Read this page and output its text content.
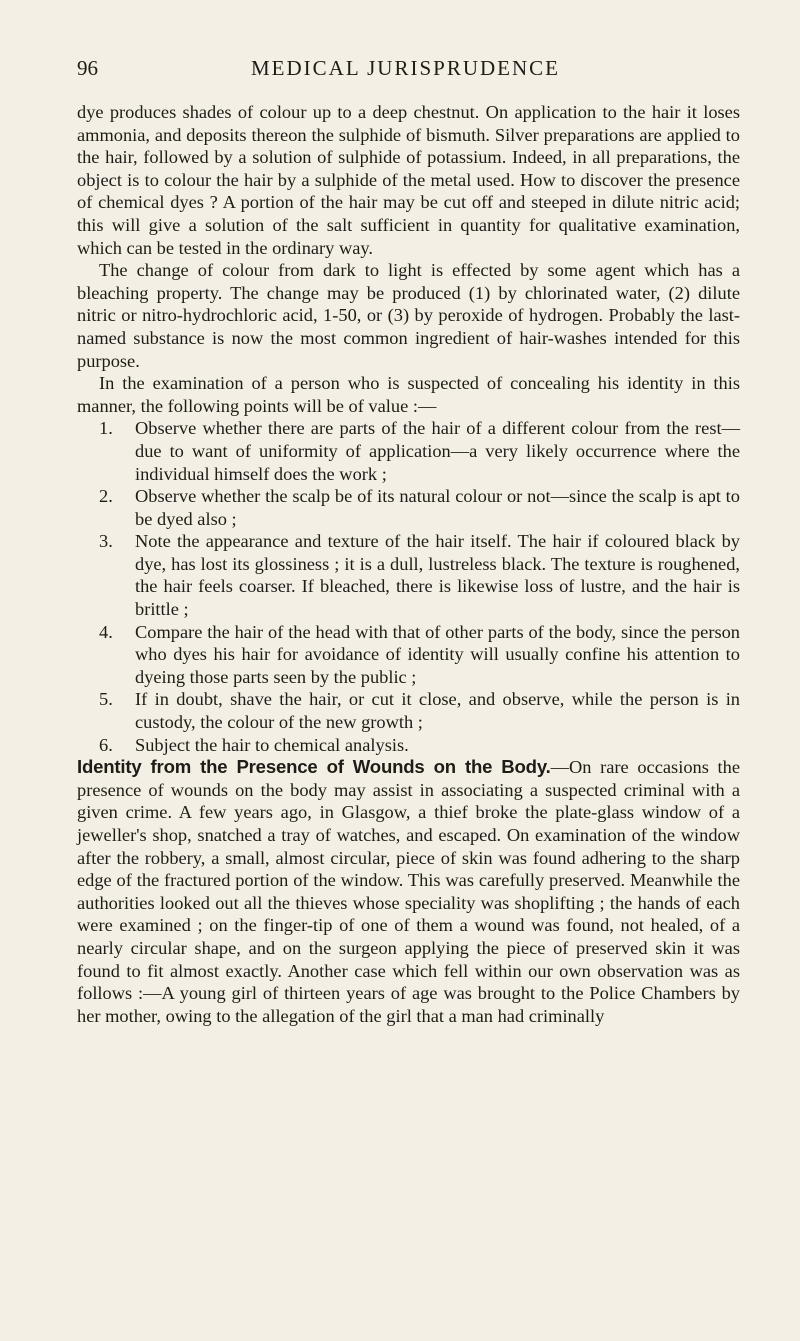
96	MEDICAL JURISPRUDENCE

dye produces shades of colour up to a deep chestnut. On application to the hair it loses ammonia, and deposits thereon the sulphide of bismuth. Silver preparations are applied to the hair, followed by a solution of sulphide of potassium. Indeed, in all preparations, the object is to colour the hair by a sulphide of the metal used. How to discover the presence of chemical dyes ? A portion of the hair may be cut off and steeped in dilute nitric acid; this will give a solution of the salt sufficient in quantity for qualitative examination, which can be tested in the ordinary way.

The change of colour from dark to light is effected by some agent which has a bleaching property. The change may be produced (1) by chlorinated water, (2) dilute nitric or nitro-hydrochloric acid, 1-50, or (3) by peroxide of hydrogen. Probably the last-named substance is now the most common ingredient of hair-washes intended for this purpose.

In the examination of a person who is suspected of concealing his identity in this manner, the following points will be of value :—

1. Observe whether there are parts of the hair of a different colour from the rest—due to want of uniformity of application—a very likely occurrence where the individual himself does the work ;
2. Observe whether the scalp be of its natural colour or not—since the scalp is apt to be dyed also ;
3. Note the appearance and texture of the hair itself. The hair if coloured black by dye, has lost its glossiness ; it is a dull, lustreless black. The texture is roughened, the hair feels coarser. If bleached, there is likewise loss of lustre, and the hair is brittle ;
4. Compare the hair of the head with that of other parts of the body, since the person who dyes his hair for avoidance of identity will usually confine his attention to dyeing those parts seen by the public ;
5. If in doubt, shave the hair, or cut it close, and observe, while the person is in custody, the colour of the new growth ;
6. Subject the hair to chemical analysis.

Identity from the Presence of Wounds on the Body.—On rare occasions the presence of wounds on the body may assist in associating a suspected criminal with a given crime. A few years ago, in Glasgow, a thief broke the plate-glass window of a jeweller's shop, snatched a tray of watches, and escaped. On examination of the window after the robbery, a small, almost circular, piece of skin was found adhering to the sharp edge of the fractured portion of the window. This was carefully preserved. Meanwhile the authorities looked out all the thieves whose speciality was shoplifting ; the hands of each were examined ; on the finger-tip of one of them a wound was found, not healed, of a nearly circular shape, and on the surgeon applying the piece of preserved skin it was found to fit almost exactly. Another case which fell within our own observation was as follows :—A young girl of thirteen years of age was brought to the Police Chambers by her mother, owing to the allegation of the girl that a man had criminally
